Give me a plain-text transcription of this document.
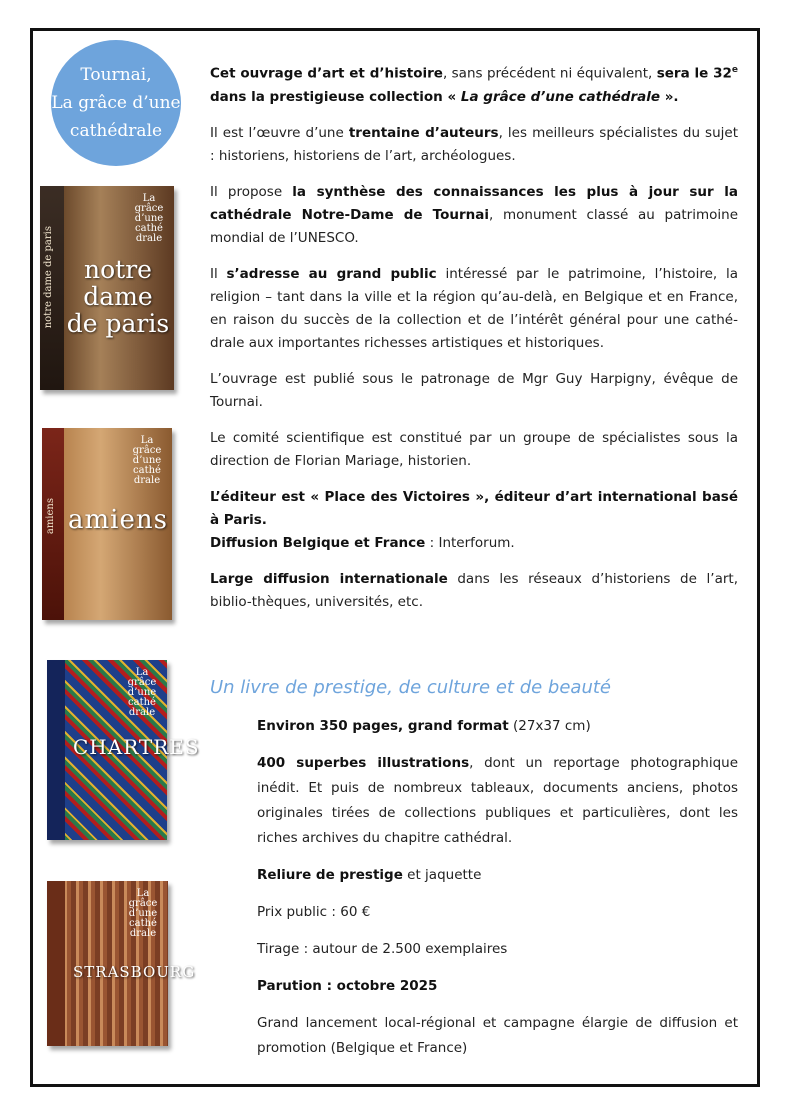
Tournai,
La grâce d’une
cathédrale
notre dame de paris
La grâce d’une cathé drale
notre dame de paris
amiens
La grâce d’une cathé drale
amiens
La grâce d’une cathé drale
CHARTRES
La grâce d’une cathé drale
STRASBOURG

Cet ouvrage d’art et d’histoire, sans précédent ni équivalent, sera le 32e dans la prestigieuse collection « La grâce d’une cathédrale ».

Il est l’œuvre d’une trentaine d’auteurs, les meilleurs spécialistes du sujet : historiens, historiens de l’art, archéologues.

Il propose la synthèse des connaissances les plus à jour sur la cathédrale Notre-Dame de Tournai, monument classé au patrimoine mondial de l’UNESCO.

Il s’adresse au grand public intéressé par le patrimoine, l’histoire, la religion – tant dans la ville et la région qu’au-delà, en Belgique et en France, en raison du succès de la collection et de l’intérêt général pour une cathé-drale aux importantes richesses artistiques et historiques.

L’ouvrage est publié sous le patronage de Mgr Guy Harpigny, évêque de Tournai.

Le comité scientifique est constitué par un groupe de spécialistes sous la direction de Florian Mariage, historien.

L’éditeur est « Place des Victoires », éditeur d’art international basé à Paris.
Diffusion Belgique et France : Interforum.

Large diffusion internationale dans les réseaux d’historiens de l’art, biblio-thèques, universités, etc.

Un livre de prestige, de culture et de beauté

Environ 350 pages, grand format (27x37 cm)

400 superbes illustrations, dont un reportage photographique inédit. Et puis de nombreux tableaux, documents anciens, photos originales tirées de collections publiques et particulières, dont les riches archives du chapitre cathédral.

Reliure de prestige et jaquette

Prix public : 60 €

Tirage : autour de 2.500 exemplaires

Parution : octobre 2025

Grand lancement local-régional et campagne élargie de diffusion et promotion (Belgique et France)
